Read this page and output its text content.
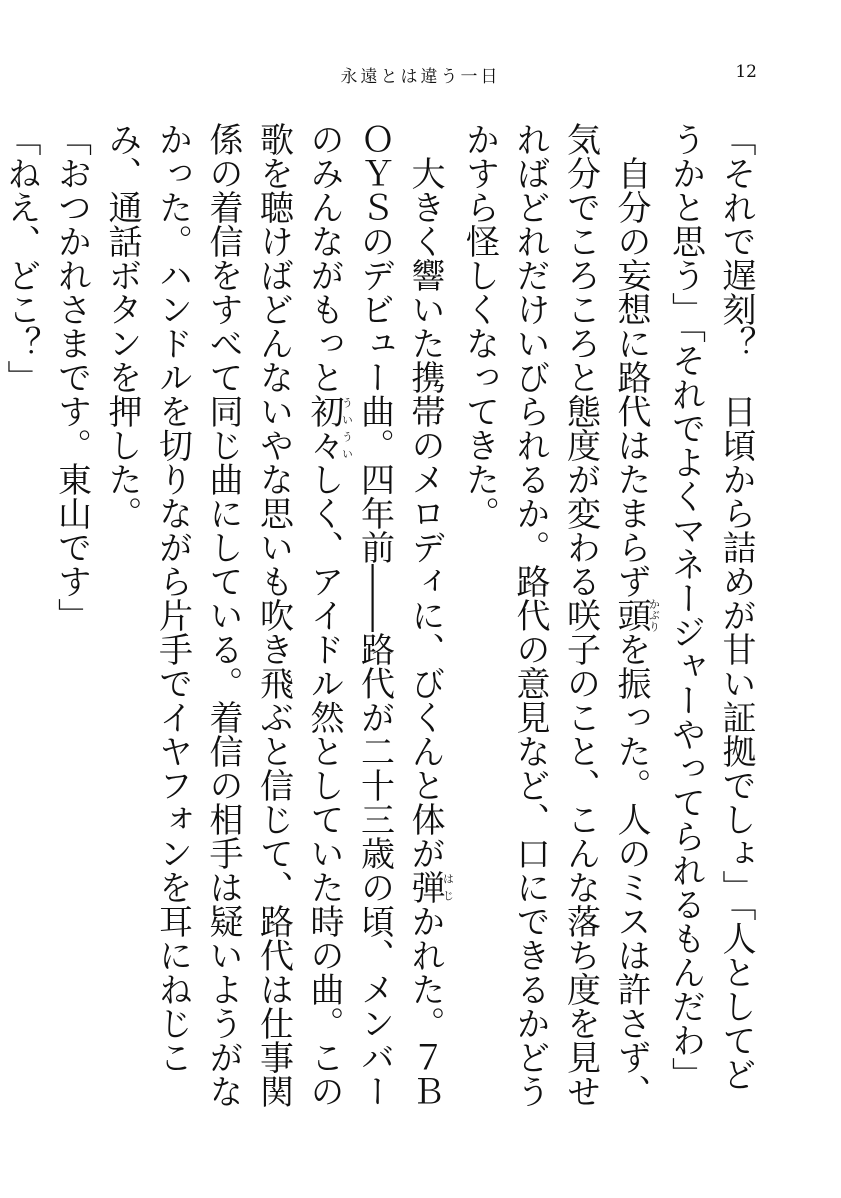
永遠とは違う一日	12

「それで遅刻？　日頃から詰めが甘い証拠でしょ」「人としてどうかと思う」「それでよくマネージャーやってられるもんだわ」

自分の妄想に路代はたまらず頭かぶりを振った。人のミスは許さず、気分でころころと態度が変わる咲子のこと、こんな落ち度を見せればどれだけいびられるか。路代の意見など、口にできるかどうかすら怪しくなってきた。

大きく響いた携帯のメロディに、びくんと体が弾はじかれた。７ＢＯＹＳのデビュー曲。四年前――路代が二十三歳の頃、メンバーのみんながもっと初々ういういしく、アイドル然としていた時の曲。この歌を聴けばどんないやな思いも吹き飛ぶと信じて、路代は仕事関係の着信をすべて同じ曲にしている。着信の相手は疑いようがなかった。ハンドルを切りながら片手でイヤフォンを耳にねじこみ、通話ボタンを押した。

「おつかれさまです。東山です」

「ねえ、どこ？」
